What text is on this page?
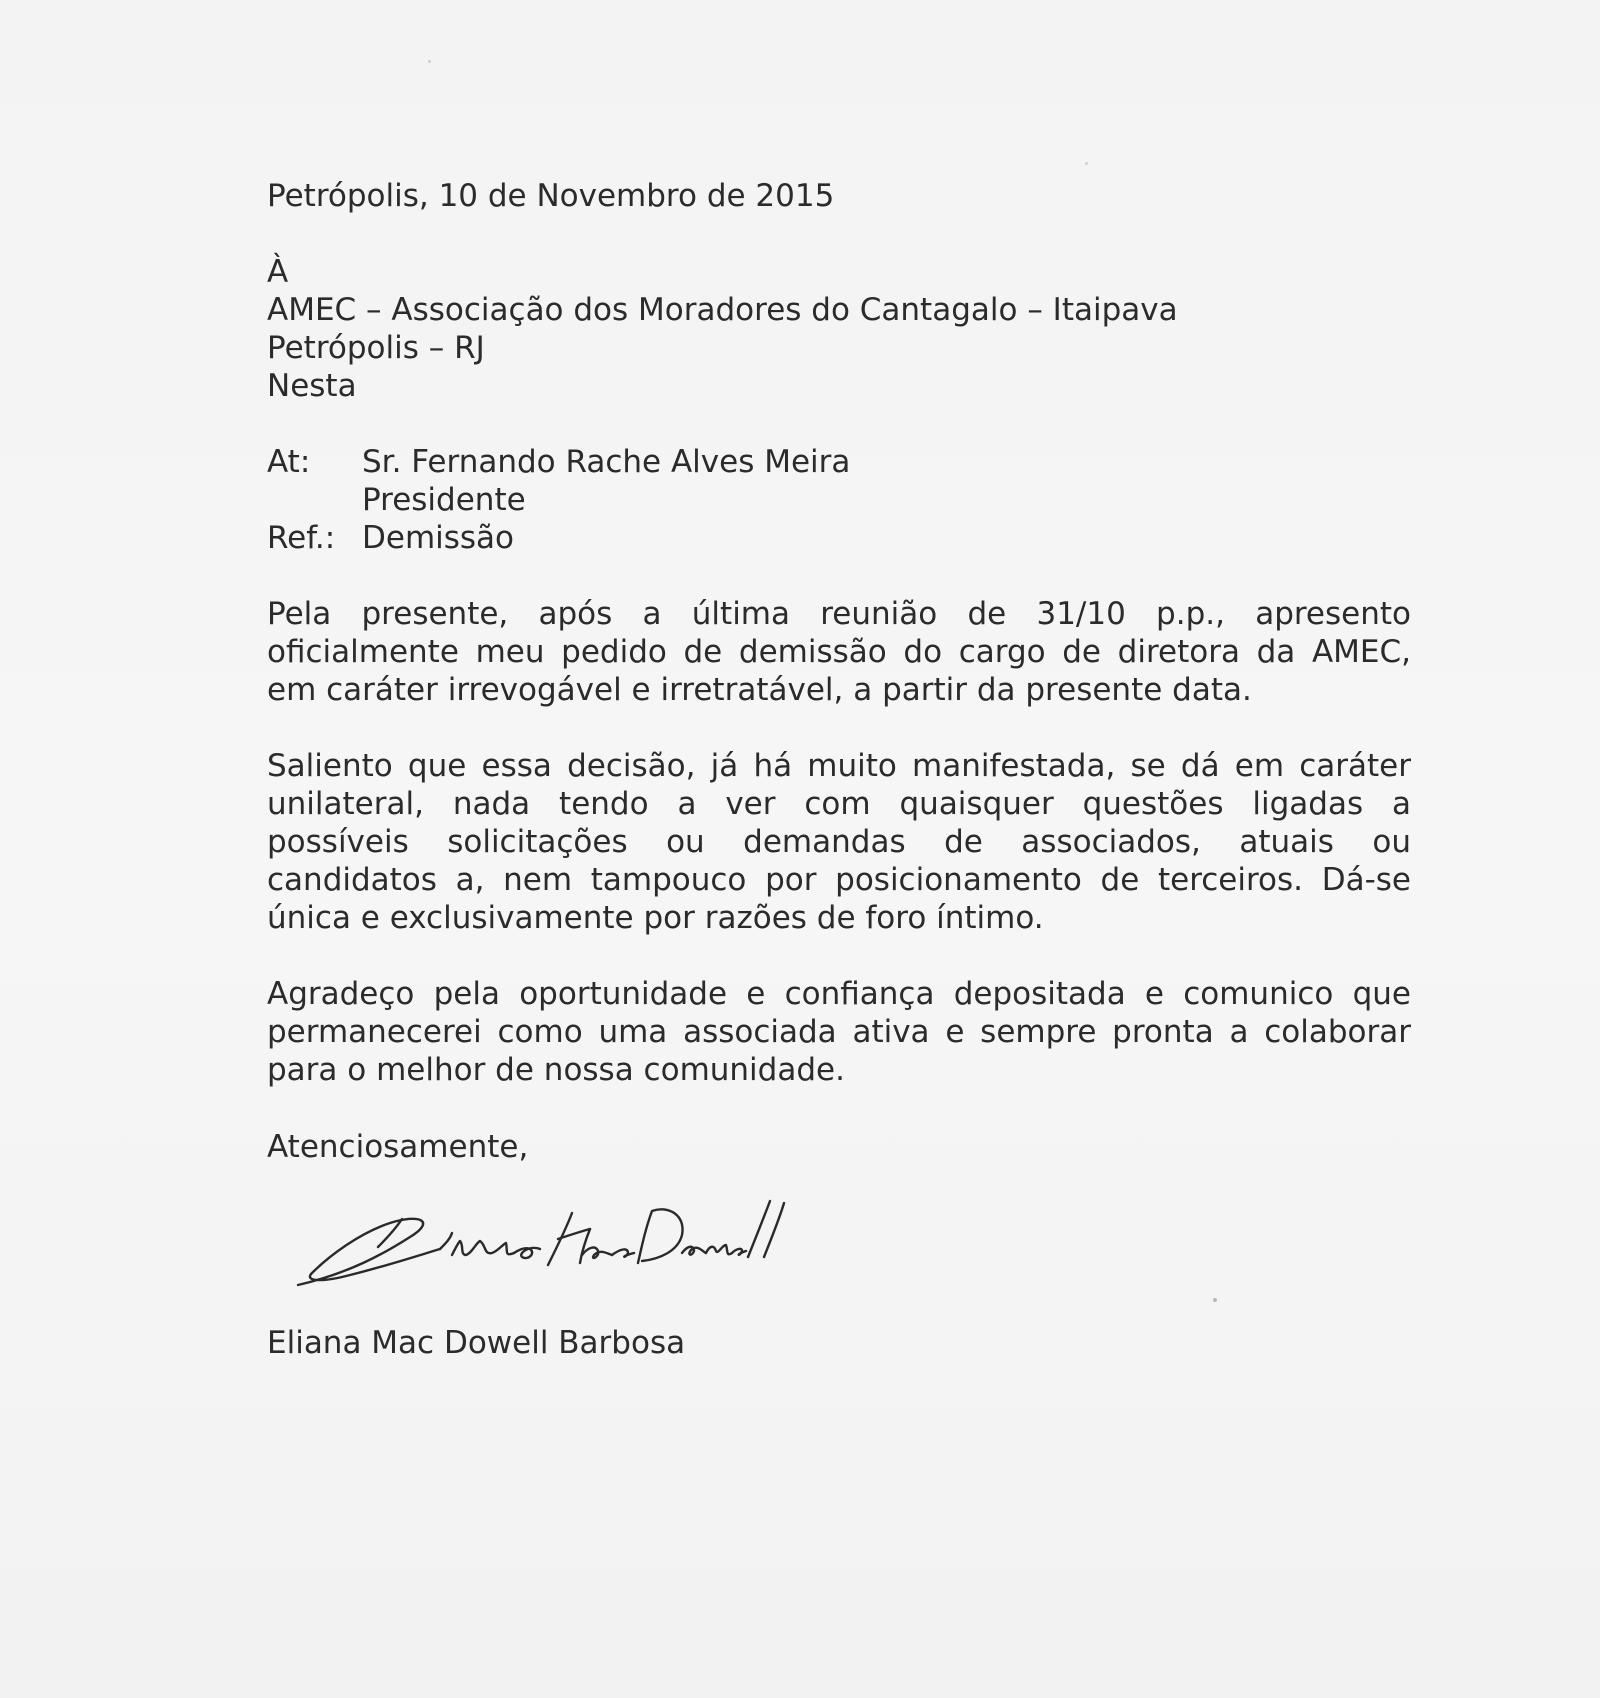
Petrópolis, 10 de Novembro de 2015
À
AMEC – Associação dos Moradores do Cantagalo – Itaipava
Petrópolis – RJ
Nesta
At: Sr. Fernando Rache Alves Meira
Presidente
Ref.: Demissão
Pela presente, após a última reunião de 31/10 p.p., apresento
oficialmente meu pedido de demissão do cargo de diretora da AMEC,
em caráter irrevogável e irretratável, a partir da presente data.
Saliento que essa decisão, já há muito manifestada, se dá em caráter
unilateral, nada tendo a ver com quaisquer questões ligadas a
possíveis solicitações ou demandas de associados, atuais ou
candidatos a, nem tampouco por posicionamento de terceiros. Dá-se
única e exclusivamente por razões de foro íntimo.
Agradeço pela oportunidade e confiança depositada e comunico que
permanecerei como uma associada ativa e sempre pronta a colaborar
para o melhor de nossa comunidade.
Atenciosamente,
Eliana Mac Dowell Barbosa
